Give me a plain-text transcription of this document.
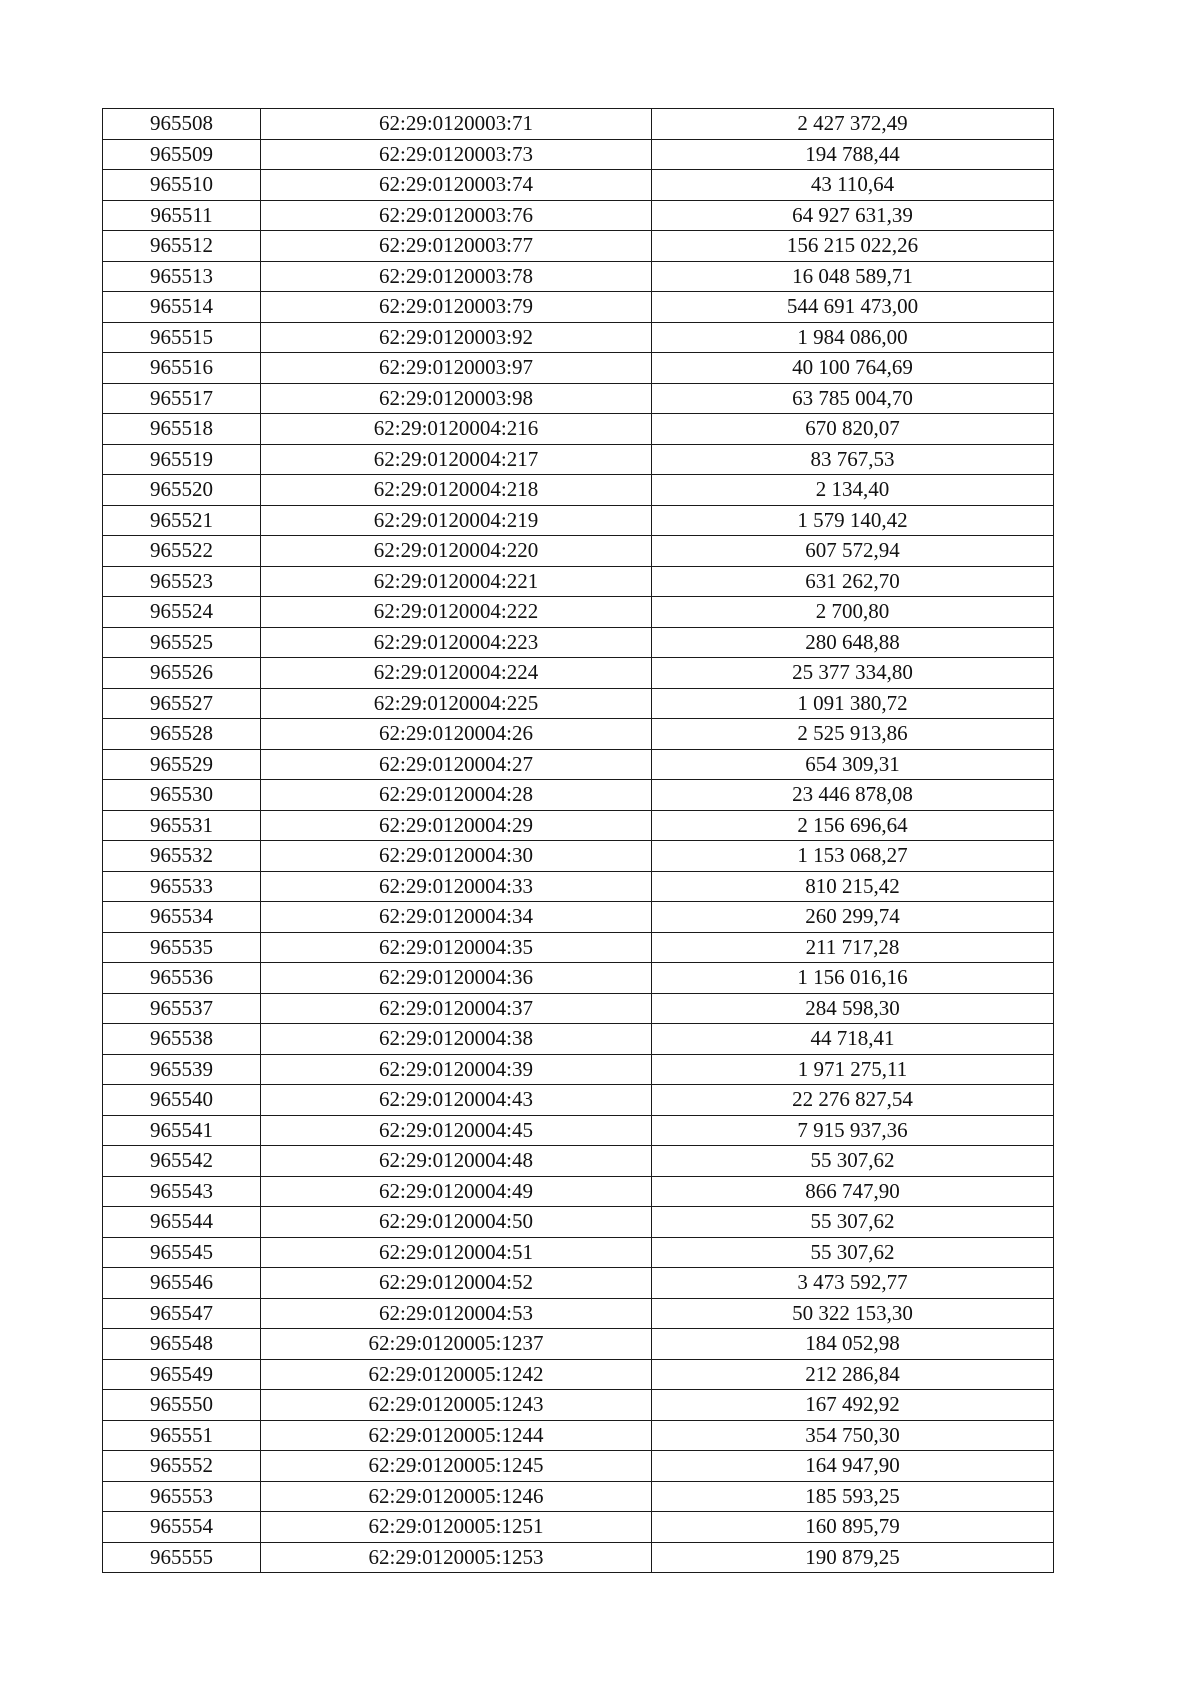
965508	62:29:0120003:71	2 427 372,49
965509	62:29:0120003:73	194 788,44
965510	62:29:0120003:74	43 110,64
965511	62:29:0120003:76	64 927 631,39
965512	62:29:0120003:77	156 215 022,26
965513	62:29:0120003:78	16 048 589,71
965514	62:29:0120003:79	544 691 473,00
965515	62:29:0120003:92	1 984 086,00
965516	62:29:0120003:97	40 100 764,69
965517	62:29:0120003:98	63 785 004,70
965518	62:29:0120004:216	670 820,07
965519	62:29:0120004:217	83 767,53
965520	62:29:0120004:218	2 134,40
965521	62:29:0120004:219	1 579 140,42
965522	62:29:0120004:220	607 572,94
965523	62:29:0120004:221	631 262,70
965524	62:29:0120004:222	2 700,80
965525	62:29:0120004:223	280 648,88
965526	62:29:0120004:224	25 377 334,80
965527	62:29:0120004:225	1 091 380,72
965528	62:29:0120004:26	2 525 913,86
965529	62:29:0120004:27	654 309,31
965530	62:29:0120004:28	23 446 878,08
965531	62:29:0120004:29	2 156 696,64
965532	62:29:0120004:30	1 153 068,27
965533	62:29:0120004:33	810 215,42
965534	62:29:0120004:34	260 299,74
965535	62:29:0120004:35	211 717,28
965536	62:29:0120004:36	1 156 016,16
965537	62:29:0120004:37	284 598,30
965538	62:29:0120004:38	44 718,41
965539	62:29:0120004:39	1 971 275,11
965540	62:29:0120004:43	22 276 827,54
965541	62:29:0120004:45	7 915 937,36
965542	62:29:0120004:48	55 307,62
965543	62:29:0120004:49	866 747,90
965544	62:29:0120004:50	55 307,62
965545	62:29:0120004:51	55 307,62
965546	62:29:0120004:52	3 473 592,77
965547	62:29:0120004:53	50 322 153,30
965548	62:29:0120005:1237	184 052,98
965549	62:29:0120005:1242	212 286,84
965550	62:29:0120005:1243	167 492,92
965551	62:29:0120005:1244	354 750,30
965552	62:29:0120005:1245	164 947,90
965553	62:29:0120005:1246	185 593,25
965554	62:29:0120005:1251	160 895,79
965555	62:29:0120005:1253	190 879,25
